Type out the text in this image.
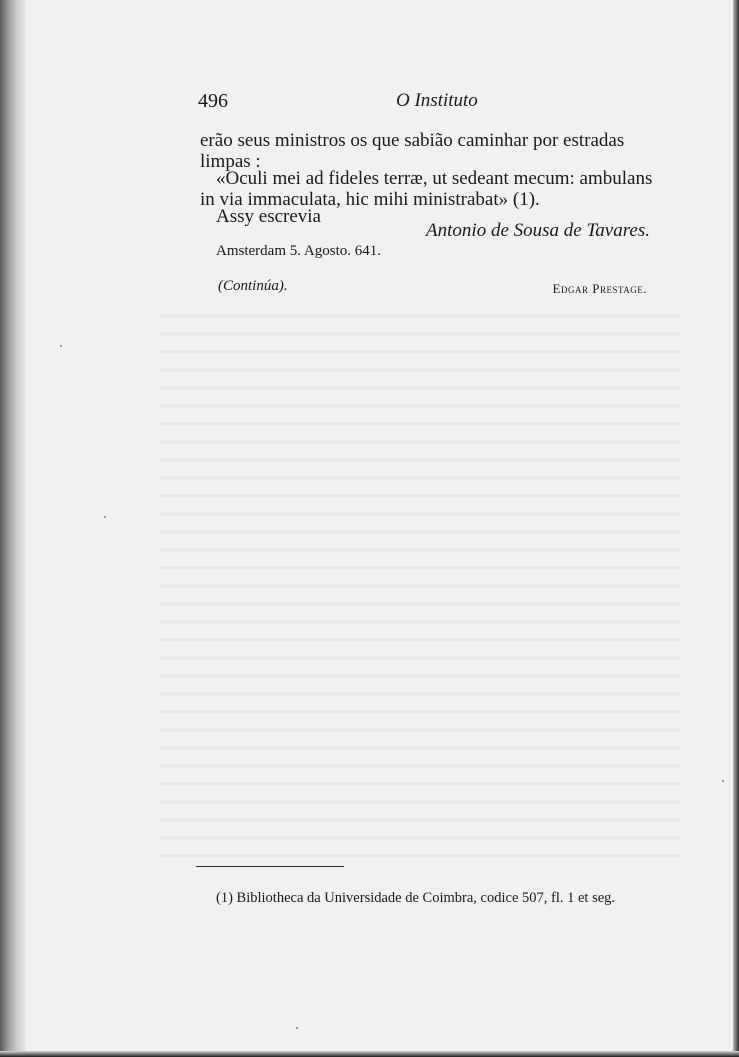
496	O Instituto
erão seus ministros os que sabião caminhar por estradas
limpas :
«Oculi mei ad fideles terræ, ut sedeant mecum: ambulans
in via immaculata, hic mihi ministrabat» (1).
Assy escrevia
Antonio de Sousa de Tavares.
Amsterdam 5. Agosto. 641.
(Continúa).	Edgar Prestage.
(1) Bibliotheca da Universidade de Coimbra, codice 507, fl. 1 et seg.
